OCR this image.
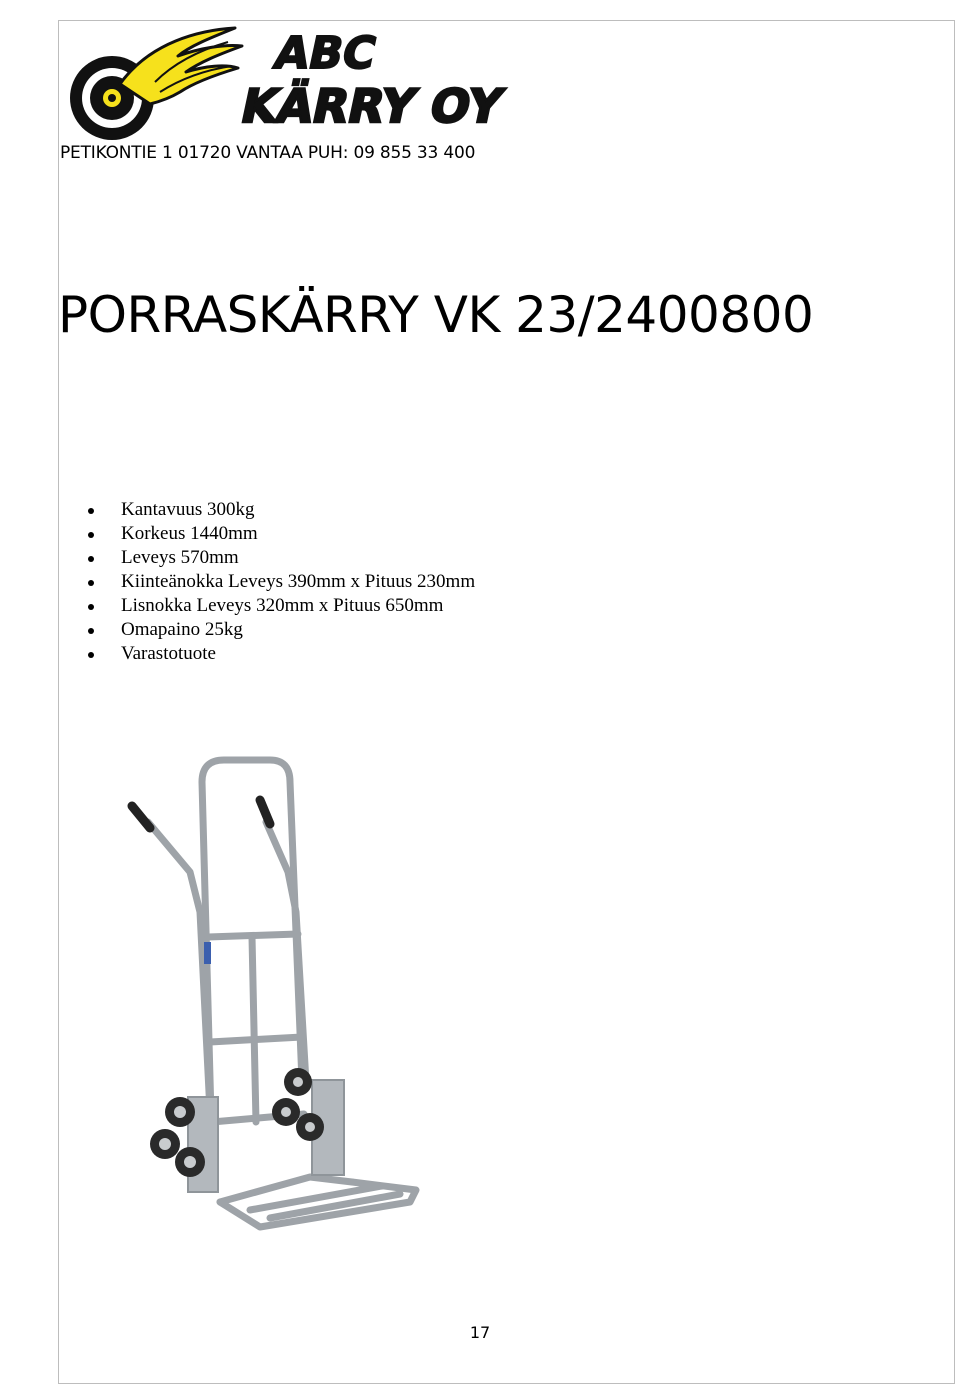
ABC
KÄRRY OY
PETIKONTIE 1 01720 VANTAA PUH: 09 855 33 400
PORRASKÄRRY VK 23/2400800
Kantavuus 300kg
Korkeus 1440mm
Leveys 570mm
Kiinteänokka Leveys 390mm x Pituus 230mm
Lisnokka Leveys 320mm x Pituus 650mm
Omapaino 25kg
Varastotuote
17
